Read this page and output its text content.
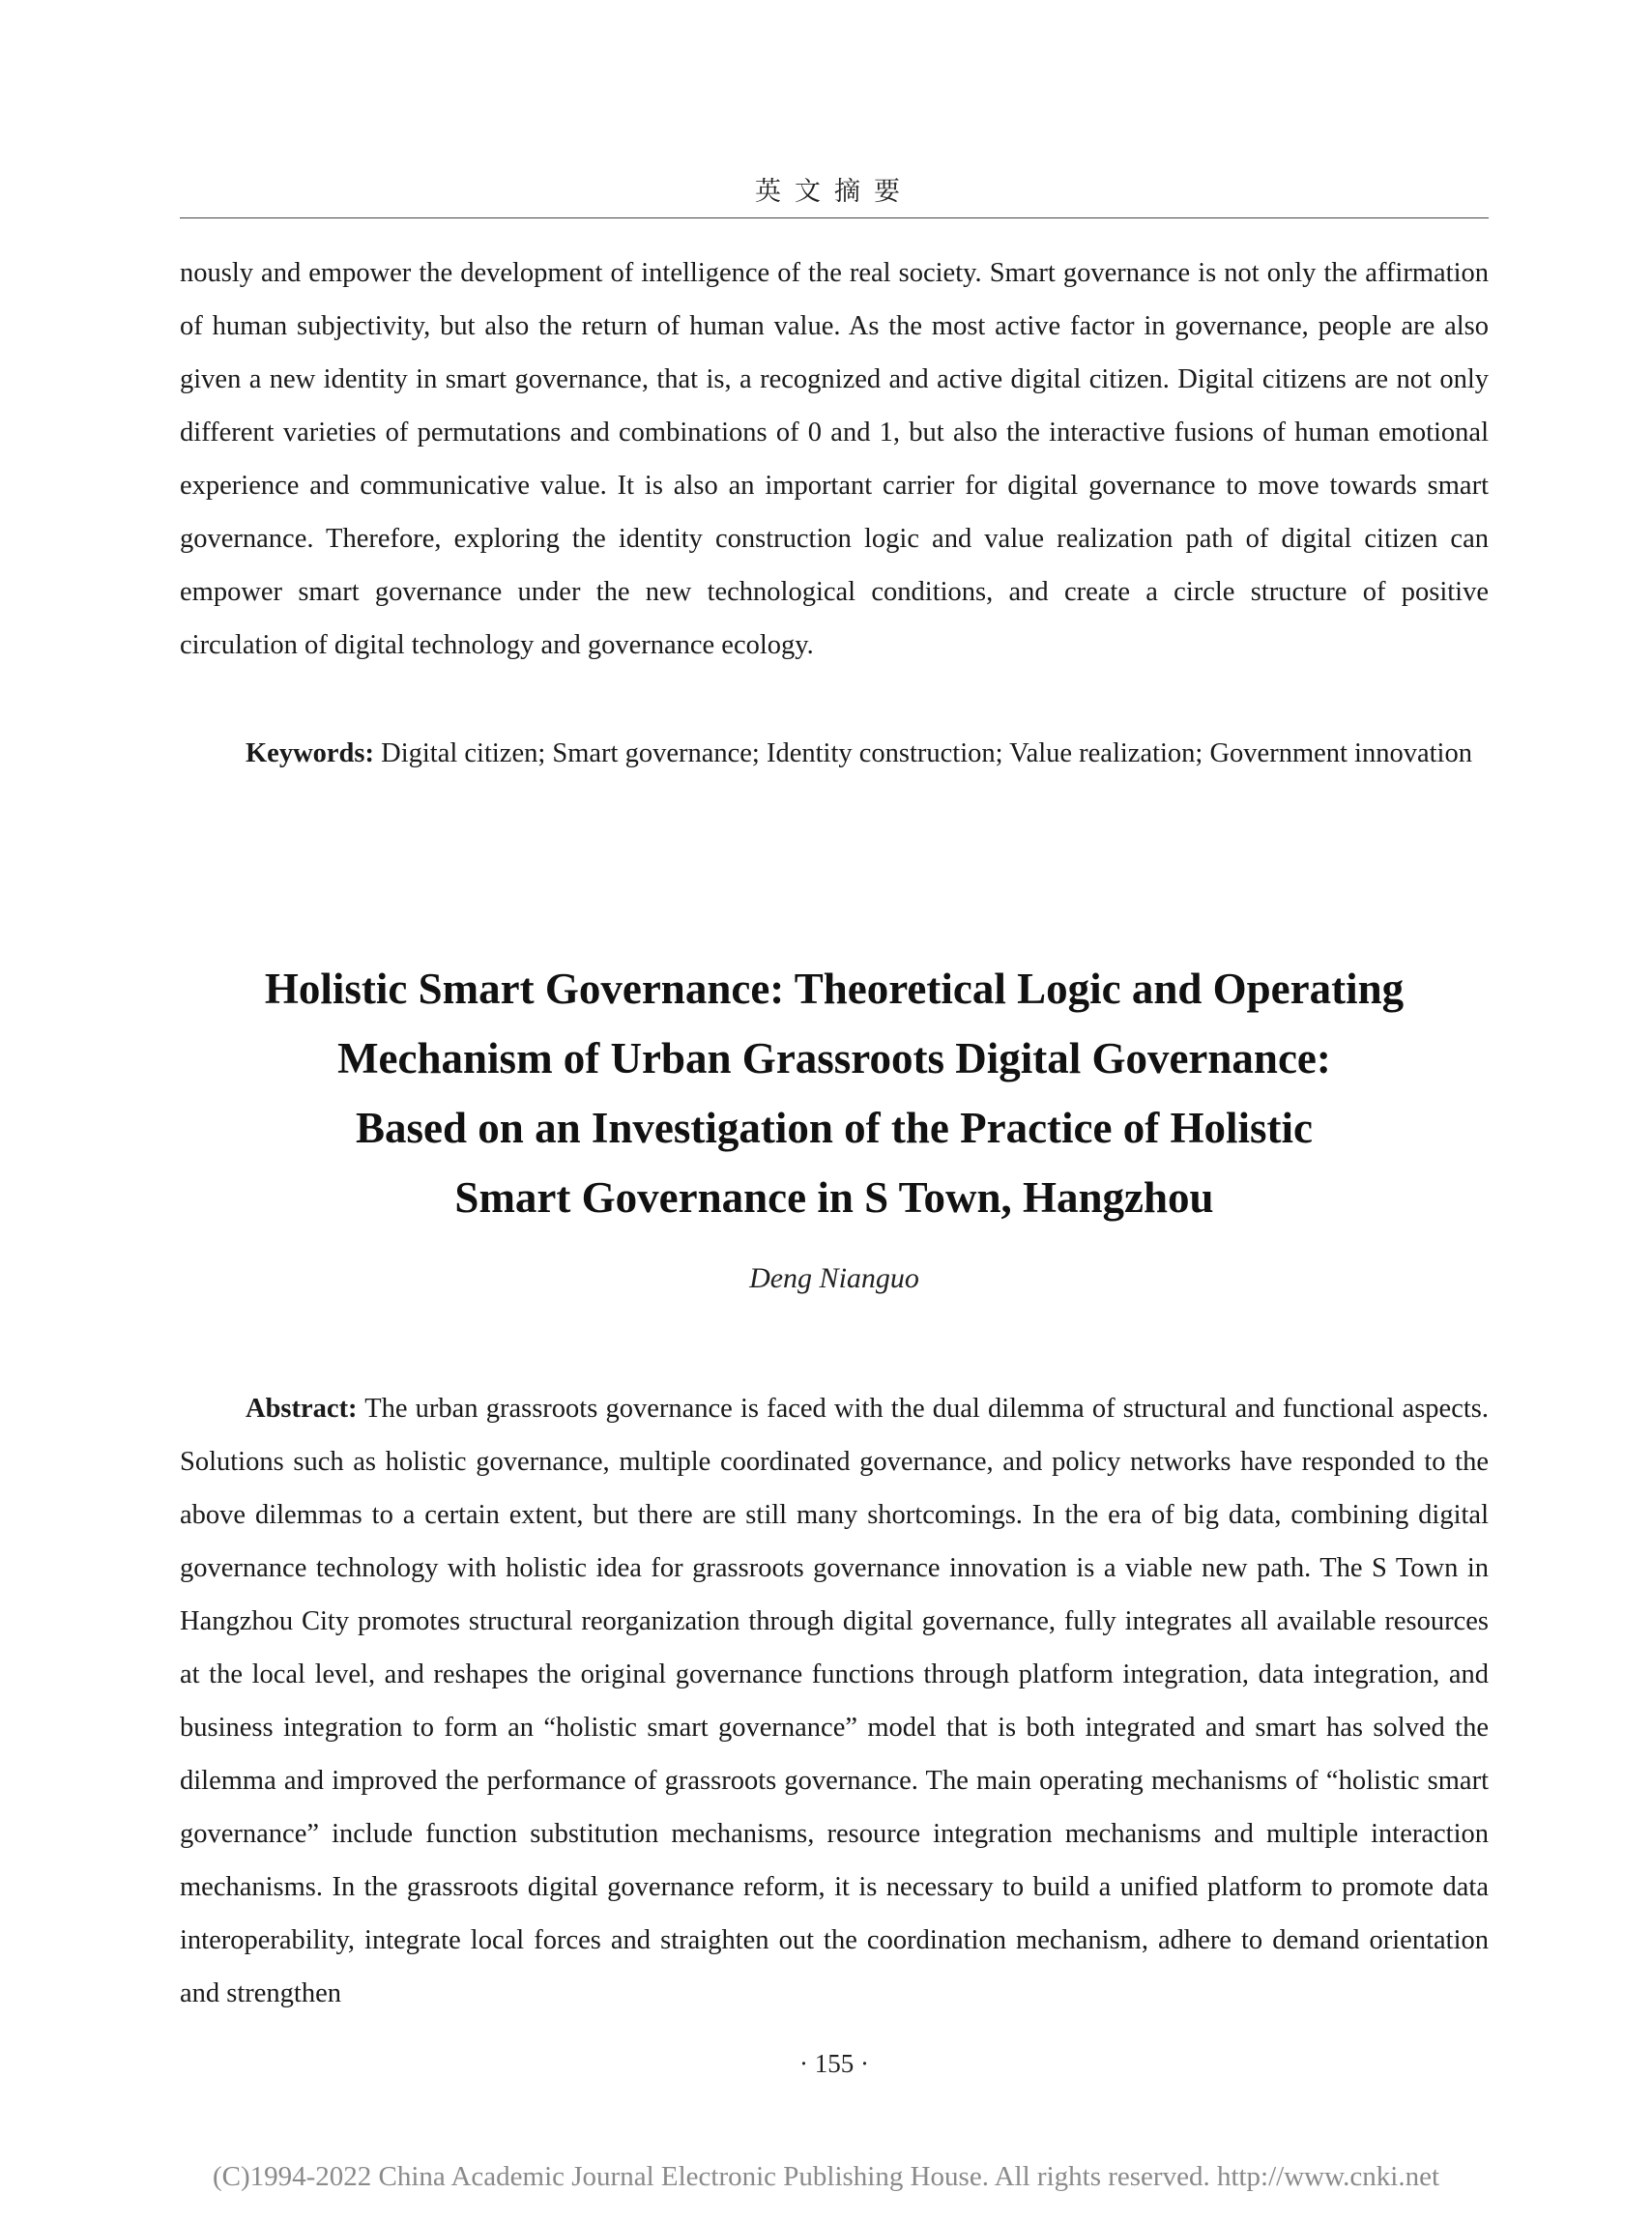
英文摘要

nously and empower the development of intelligence of the real society. Smart governance is not only the affirmation of human subjectivity, but also the return of human value. As the most active factor in governance, people are also given a new identity in smart governance, that is, a recognized and active digital citizen. Digital citizens are not only different varieties of permutations and combinations of 0 and 1, but also the interactive fusions of human emotional experience and communicative value. It is also an important carrier for digital governance to move towards smart governance. Therefore, exploring the identity construction logic and value realization path of digital citizen can empower smart governance under the new technological conditions, and create a circle structure of positive circulation of digital technology and governance ecology.

Keywords: Digital citizen; Smart governance; Identity construction; Value realization; Government innovation

Holistic Smart Governance: Theoretical Logic and Operating
Mechanism of Urban Grassroots Digital Governance:
Based on an Investigation of the Practice of Holistic
Smart Governance in S Town, Hangzhou
Deng Nianguo

Abstract: The urban grassroots governance is faced with the dual dilemma of structural and functional aspects. Solutions such as holistic governance, multiple coordinated governance, and policy networks have responded to the above dilemmas to a certain extent, but there are still many shortcomings. In the era of big data, combining digital governance technology with holistic idea for grassroots governance innovation is a viable new path. The S Town in Hangzhou City promotes structural reorganization through digital governance, fully integrates all available resources at the local level, and reshapes the original governance functions through platform integration, data integration, and business integration to form an “holistic smart governance” model that is both integrated and smart has solved the dilemma and improved the performance of grassroots governance. The main operating mechanisms of “holistic smart governance” include function substitution mechanisms, resource integration mechanisms and multiple interaction mechanisms. In the grassroots digital governance reform, it is necessary to build a unified platform to promote data interoperability, integrate local forces and straighten out the coordination mechanism, adhere to demand orientation and strengthen

· 155 ·
(C)1994-2022 China Academic Journal Electronic Publishing House. All rights reserved. http://www.cnki.net
